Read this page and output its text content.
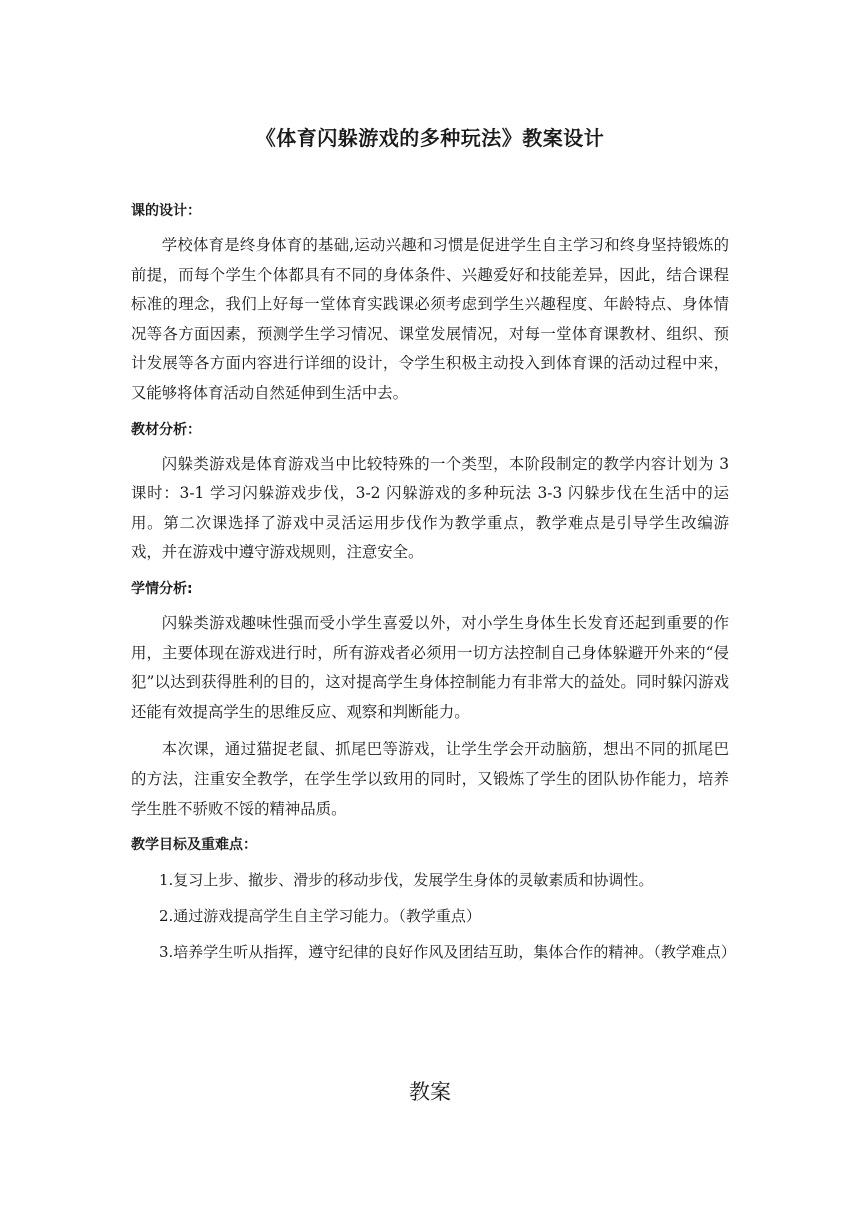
《体育闪躲游戏的多种玩法》教案设计
课的设计：

学校体育是终身体育的基础,运动兴趣和习惯是促进学生自主学习和终身坚持锻炼的前提，而每个学生个体都具有不同的身体条件、兴趣爱好和技能差异，因此，结合课程标准的理念，我们上好每一堂体育实践课必须考虑到学生兴趣程度、年龄特点、身体情况等各方面因素，预测学生学习情况、课堂发展情况，对每一堂体育课教材、组织、预计发展等各方面内容进行详细的设计，令学生积极主动投入到体育课的活动过程中来，又能够将体育活动自然延伸到生活中去。

教材分析：

闪躲类游戏是体育游戏当中比较特殊的一个类型，本阶段制定的教学内容计划为 3 课时：3-1 学习闪躲游戏步伐，3-2 闪躲游戏的多种玩法 3-3 闪躲步伐在生活中的运用。第二次课选择了游戏中灵活运用步伐作为教学重点，教学难点是引导学生改编游戏，并在游戏中遵守游戏规则，注意安全。

学情分析:

闪躲类游戏趣味性强而受小学生喜爱以外，对小学生身体生长发育还起到重要的作用，主要体现在游戏进行时，所有游戏者必须用一切方法控制自己身体躲避开外来的“侵犯”以达到获得胜利的目的，这对提高学生身体控制能力有非常大的益处。同时躲闪游戏还能有效提高学生的思维反应、观察和判断能力。

本次课，通过猫捉老鼠、抓尾巴等游戏，让学生学会开动脑筋，想出不同的抓尾巴的方法，注重安全教学，在学生学以致用的同时，又锻炼了学生的团队协作能力，培养学生胜不骄败不馁的精神品质。

教学目标及重难点：
1.复习上步、撤步、滑步的移动步伐，发展学生身体的灵敏素质和协调性。
2.通过游戏提高学生自主学习能力。（教学重点）
3.培养学生听从指挥，遵守纪律的良好作风及团结互助，集体合作的精神。（教学难点）
教案
